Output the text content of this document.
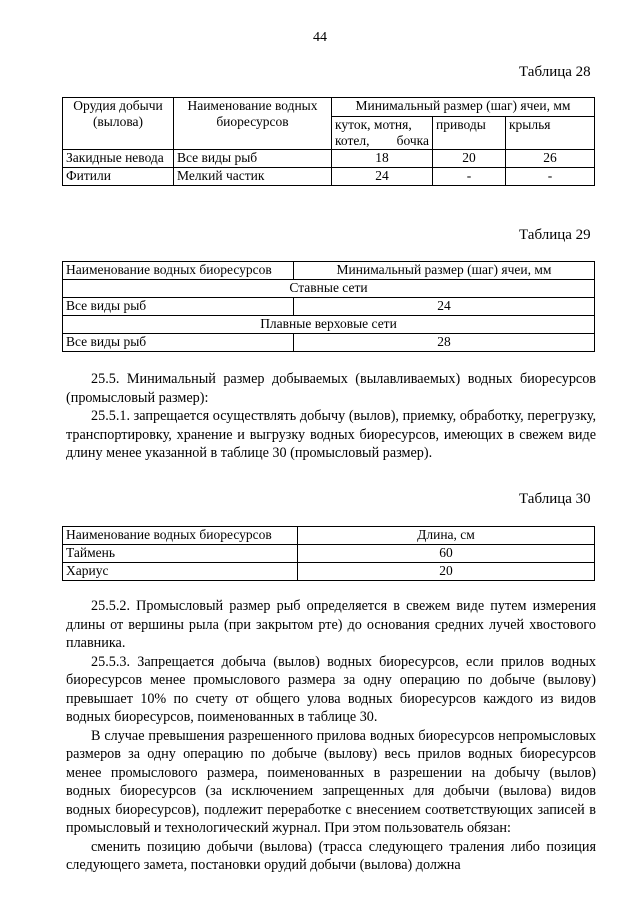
44
Таблица 28
Орудия добычи (вылова)	Наименование водных биоресурсов	Минимальный размер (шаг) ячеи, мм		
		куток, мотня, котел, бочка	приводы	крылья
Закидные невода	Все виды рыб	18	20	26
Фитили	Мелкий частик	24	-	-
Таблица 29
Наименование водных биоресурсов	Минимальный размер (шаг) ячеи, мм
Ставные сети	
Все виды рыб	24
Плавные верховые сети	
Все виды рыб	28

25.5. Минимальный размер добываемых (вылавливаемых) водных биоресурсов (промысловый размер):

25.5.1. запрещается осуществлять добычу (вылов), приемку, обработку, перегрузку, транспортировку, хранение и выгрузку водных биоресурсов, имеющих в свежем виде длину менее указанной в таблице 30 (промысловый размер).

Таблица 30
Наименование водных биоресурсов	Длина, см
Таймень	60
Хариус	20

25.5.2. Промысловый размер рыб определяется в свежем виде путем измерения длины от вершины рыла (при закрытом рте) до основания средних лучей хвостового плавника.

25.5.3. Запрещается добыча (вылов) водных биоресурсов, если прилов водных биоресурсов менее промыслового размера за одну операцию по добыче (вылову) превышает 10% по счету от общего улова водных биоресурсов каждого из видов водных биоресурсов, поименованных в таблице 30.

В случае превышения разрешенного прилова водных биоресурсов непромысловых размеров за одну операцию по добыче (вылову) весь прилов водных биоресурсов менее промыслового размера, поименованных в разрешении на добычу (вылов) водных биоресурсов (за исключением запрещенных для добычи (вылова) видов водных биоресурсов), подлежит переработке с внесением соответствующих записей в промысловый и технологический журнал. При этом пользователь обязан:

сменить позицию добычи (вылова) (трасса следующего траления либо позиция следующего замета, постановки орудий добычи (вылова) должна
